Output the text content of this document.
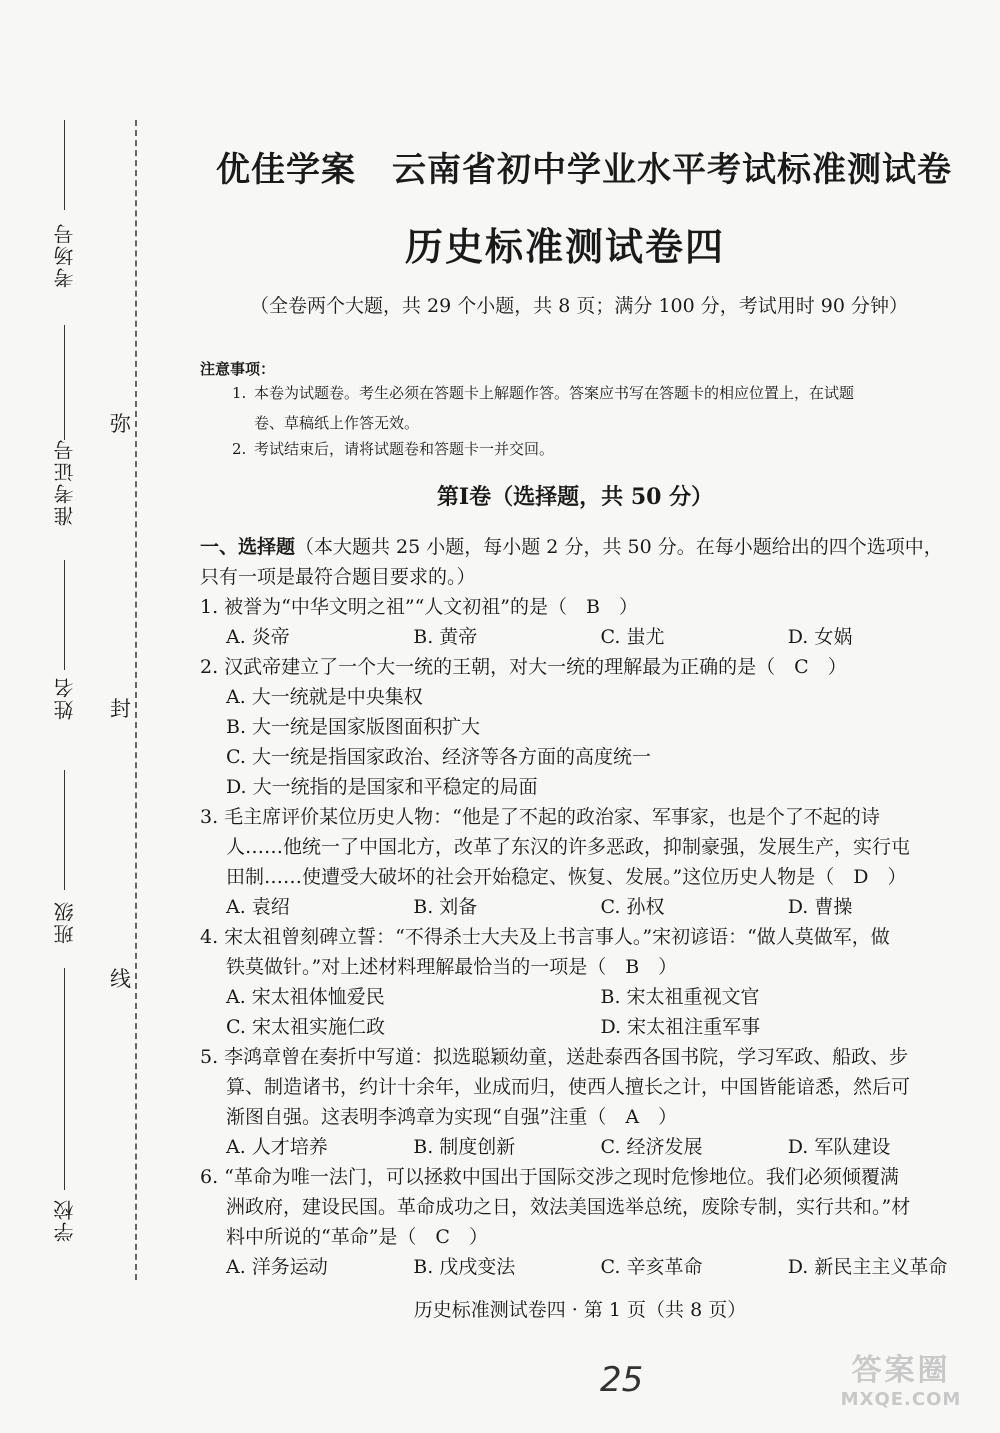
考场号
准考证号
姓名
班级
学校
弥
封
线
优佳学案 云南省初中学业水平考试标准测试卷
历史标准测试卷四
（全卷两个大题，共 29 个小题，共 8 页；满分 100 分，考试用时 90 分钟）
注意事项：
1. 本卷为试题卷。考生必须在答题卡上解题作答。答案应书写在答题卡的相应位置上，在试题
卷、草稿纸上作答无效。
2. 考试结束后，请将试题卷和答题卡一并交回。
第Ⅰ卷（选择题，共 50 分）
一、选择题（本大题共 25 小题，每小题 2 分，共 50 分。在每小题给出的四个选项中，
只有一项是最符合题目要求的。）
1. 被誉为“中华文明之祖”“人文初祖”的是（　B　）
A. 炎帝	B. 黄帝	C. 蚩尤	D. 女娲
2. 汉武帝建立了一个大一统的王朝，对大一统的理解最为正确的是（　C　）
A. 大一统就是中央集权
B. 大一统是国家版图面积扩大
C. 大一统是指国家政治、经济等各方面的高度统一
D. 大一统指的是国家和平稳定的局面
3. 毛主席评价某位历史人物：“他是了不起的政治家、军事家，也是个了不起的诗
人……他统一了中国北方，改革了东汉的许多恶政，抑制豪强，发展生产，实行屯
田制……使遭受大破坏的社会开始稳定、恢复、发展。”这位历史人物是（　D　）
A. 袁绍	B. 刘备	C. 孙权	D. 曹操
4. 宋太祖曾刻碑立誓：“不得杀士大夫及上书言事人。”宋初谚语：“做人莫做军，做
铁莫做针。”对上述材料理解最恰当的一项是（　B　）
A. 宋太祖体恤爱民	B. 宋太祖重视文官
C. 宋太祖实施仁政	D. 宋太祖注重军事
5. 李鸿章曾在奏折中写道：拟选聪颖幼童，送赴泰西各国书院，学习军政、船政、步
算、制造诸书，约计十余年，业成而归，使西人擅长之计，中国皆能谙悉，然后可
渐图自强。这表明李鸿章为实现“自强”注重（　A　）
A. 人才培养	B. 制度创新	C. 经济发展	D. 军队建设
6. “革命为唯一法门，可以拯救中国出于国际交涉之现时危惨地位。我们必须倾覆满
洲政府，建设民国。革命成功之日，效法美国选举总统，废除专制，实行共和。”材
料中所说的“革命”是（　C　）
A. 洋务运动	B. 戊戌变法	C. 辛亥革命	D. 新民主主义革命
历史标准测试卷四 · 第 1 页（共 8 页）
25	答案圈
MXQE.COM
